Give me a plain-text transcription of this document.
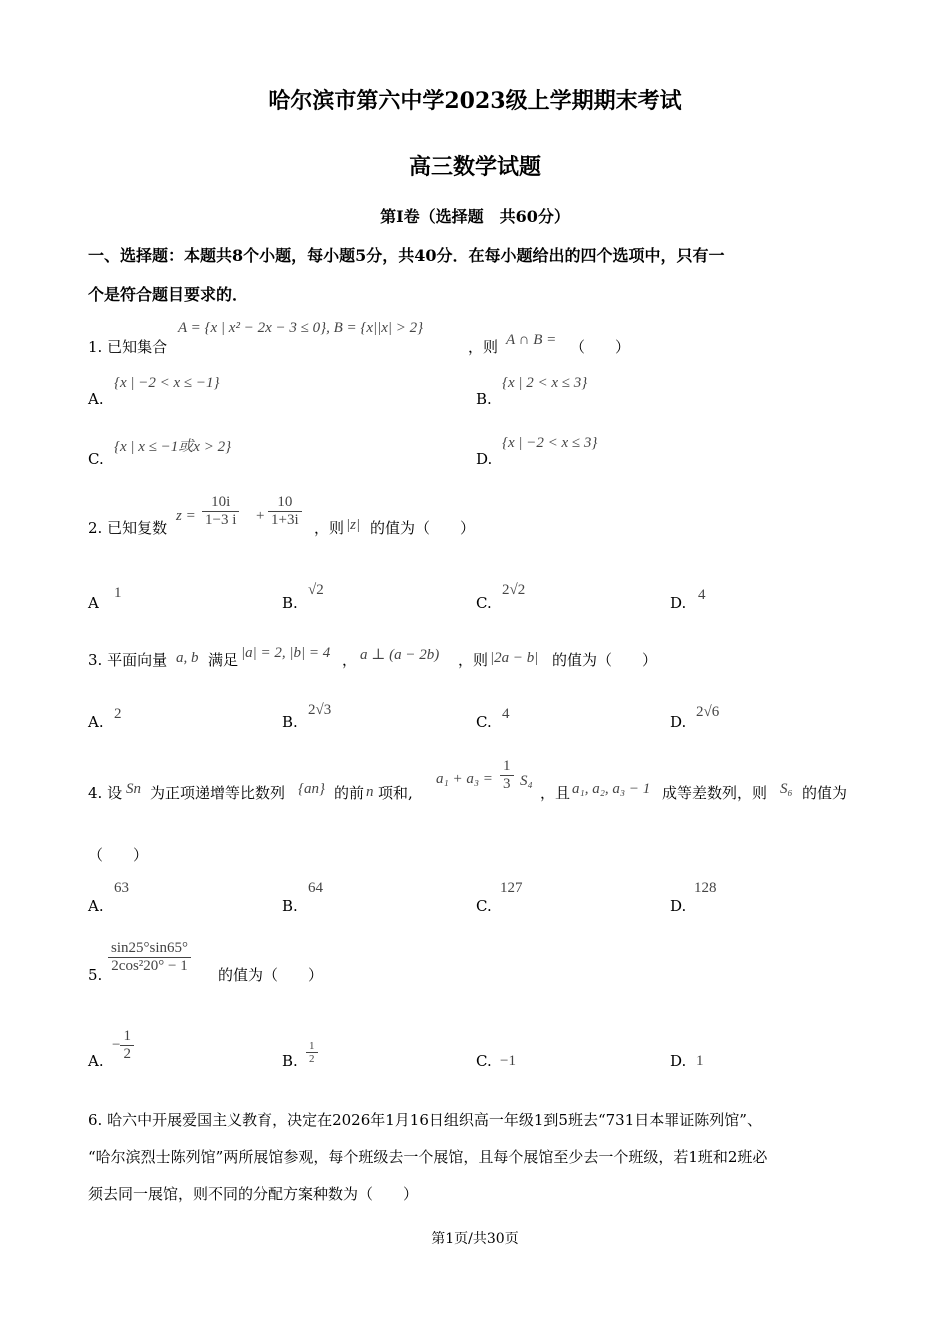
哈尔滨市第六中学2023级上学期期末考试
高三数学试题
第I卷（选择题　共60分）
一、选择题：本题共8个小题，每小题5分，共40分．在每小题给出的四个选项中，只有一
个是符合题目要求的．
1. 已知集合
A = {x | x² − 2x − 3 ≤ 0}, B = {x||x| > 2}
，则 A ∩ B = （　　）
A.
{x | −2 < x ≤ −1}
B.
{x | 2 < x ≤ 3}
C.
{x | x ≤ −1或x > 2}
D.
{x | −2 < x ≤ 3}
2. 已知复数
$z = \frac{10i}{1-3 i} + \frac{10}{1+3i}$ ，则 |z| 的值为（　　）
A
1
B.
√2
C.
2√2
D. 4
3. 平面向量 a, b 满足 |a| = 2, |b| = 4 ， a ⊥ (a − 2b) ，则 |2a − b| 的值为（　　）
A. 2	B.
2√3
C. 4	D.
2√6
4. 设 Sn 为正项递增等比数列 {an} 的前 n 项和,
$a_1 + a_3 = \frac{1}{3} S_4$
，且 a₁, a₂, a₃ − 1 成等差数列，则 S₆ 的值为
（　　）
A.
63
B.
64
C.
127
D.
128
5. $\frac{\sin 25^\circ\sin 65^\circ}{\text{2cos²20° − 1}}$ 的值为（　　）
A.
− $\frac{1}{2}$	B. $\frac{1}{2}$	C. −1	D. 1
6. 哈六中开展爱国主义教育，决定在2026年1月16日组织高一年级1到5班去“731日本罪证陈列馆”、
“哈尔滨烈士陈列馆”两所展馆参观，每个班级去一个展馆，且每个展馆至少去一个班级，若1班和2班必
须去同一展馆，则不同的分配方案种数为（　　）
第1页/共30页
